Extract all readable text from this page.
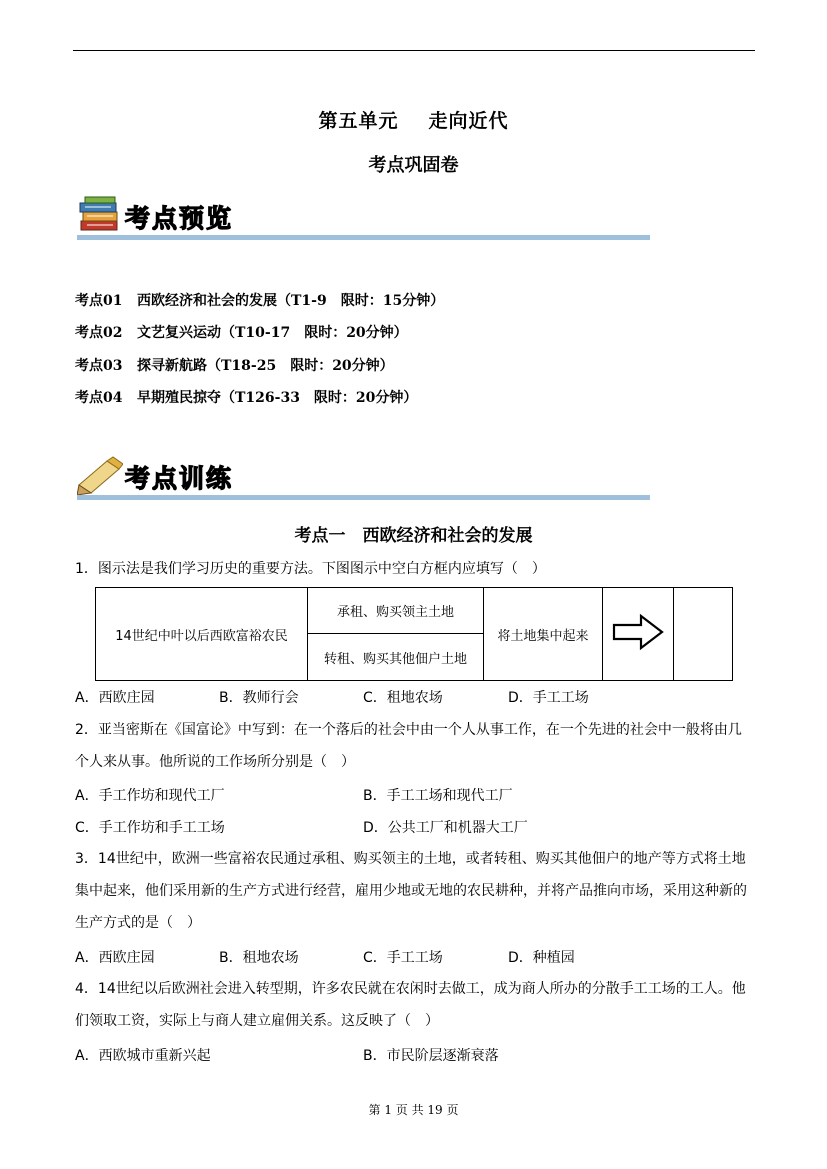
第五单元 走向近代
考点巩固卷
考点预览
考点01 西欧经济和社会的发展（T1-9　限时：15分钟）
考点02 文艺复兴运动（T10-17　限时：20分钟）
考点03 探寻新航路（T18-25　限时：20分钟）
考点04 早期殖民掠夺（T126-33　限时：20分钟）
考点训练
考点一　西欧经济和社会的发展
1．图示法是我们学习历史的重要方法。下图图示中空白方框内应填写（　）
14世纪中叶以后西欧富裕农民	承租、购买领主土地	将土地集中起来		
转租、购买其他佃户土地
A．西欧庄园	B．教师行会	C．租地农场	D．手工工场
2．亚当密斯在《国富论》中写到：在一个落后的社会中由一个人从事工作，在一个先进的社会中一般将由几个人来从事。他所说的工作场所分别是（　）
A．手工作坊和现代工厂	B．手工工场和现代工厂
C．手工作坊和手工工场	D．公共工厂和机器大工厂
3．14世纪中，欧洲一些富裕农民通过承租、购买领主的土地，或者转租、购买其他佃户的地产等方式将土地集中起来，他们采用新的生产方式进行经营，雇用少地或无地的农民耕种，并将产品推向市场，采用这种新的生产方式的是（　）
A．西欧庄园	B．租地农场	C．手工工场	D．种植园
4．14世纪以后欧洲社会进入转型期，许多农民就在农闲时去做工，成为商人所办的分散手工工场的工人。他们领取工资，实际上与商人建立雇佣关系。这反映了（　）
A．西欧城市重新兴起	B．市民阶层逐渐衰落
第 1 页 共 19 页
